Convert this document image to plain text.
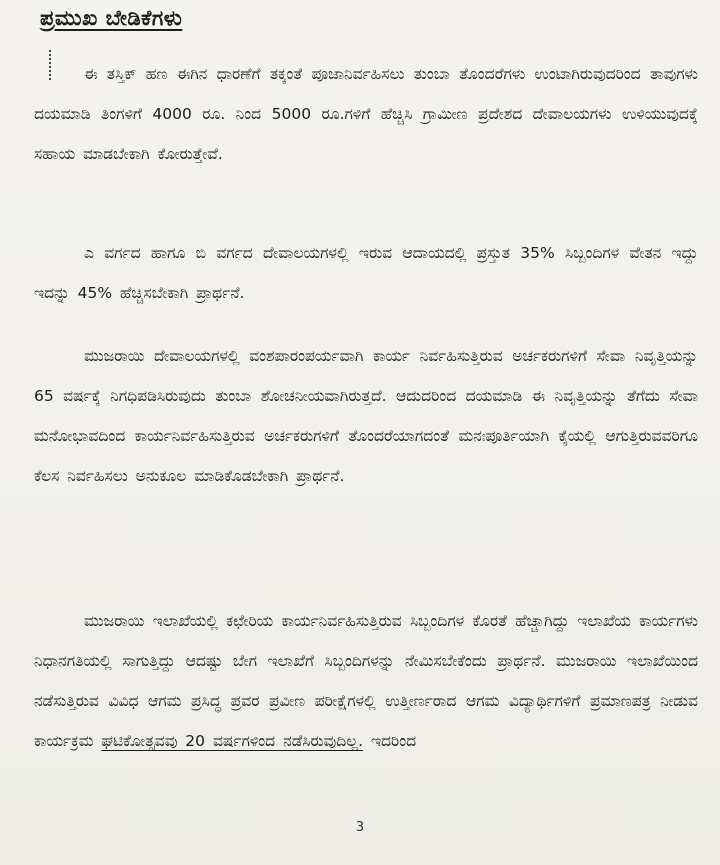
ಪ್ರಮುಖ ಬೇಡಿಕೆಗಳು
ಈ ತಸ್ತಿಕ್ ಹಣ ಈಗಿನ ಧಾರಣೆಗೆ ತಕ್ಕಂತೆ ಪೂಜಾನಿರ್ವಹಿಸಲು ತುಂಬಾ ತೊಂದರೆಗಳು ಉಂಟಾಗಿರುವುದರಿಂದ ತಾವುಗಳು ದಯಮಾಡಿ ತಿಂಗಳಿಗೆ 4000 ರೂ. ನಿಂದ 5000 ರೂ.ಗಳಿಗೆ ಹೆಚ್ಚಿಸಿ ಗ್ರಾಮೀಣ ಪ್ರದೇಶದ ದೇವಾಲಯಗಳು ಉಳಿಯುವುದಕ್ಕೆ ಸಹಾಯ ಮಾಡಬೇಕಾಗಿ ಕೋರುತ್ತೇವೆ.
ಎ ವರ್ಗದ ಹಾಗೂ ಬಿ ವರ್ಗದ ದೇವಾಲಯಗಳಲ್ಲಿ ಇರುವ ಆದಾಯದಲ್ಲಿ ಪ್ರಸ್ತುತ 35% ಸಿಬ್ಬಂದಿಗಳ ವೇತನ ಇದ್ದು ಇದನ್ನು 45% ಹೆಚ್ಚಿಸಬೇಕಾಗಿ ಪ್ರಾರ್ಥನೆ.
ಮುಜರಾಯಿ ದೇವಾಲಯಗಳಲ್ಲಿ ವಂಶಪಾರಂಪರ್ಯವಾಗಿ ಕಾರ್ಯ ನಿರ್ವಹಿಸುತ್ತಿರುವ ಅರ್ಚಕರುಗಳಿಗೆ ಸೇವಾ ನಿವೃತ್ತಿಯನ್ನು 65 ವರ್ಷಕ್ಕೆ ನಿಗಧಿಪಡಿಸಿರುವುದು ತುಂಬಾ ಶೋಚನೀಯವಾಗಿರುತ್ತದೆ. ಆದುದರಿಂದ ದಯಮಾಡಿ ಈ ನಿವೃತ್ತಿಯನ್ನು ತೆಗೆದು ಸೇವಾ ಮನೋಭಾವದಿಂದ ಕಾರ್ಯನಿರ್ವಹಿಸುತ್ತಿರುವ ಅರ್ಚಕರುಗಳಿಗೆ ತೊಂದರೆಯಾಗದಂತೆ ಮನಃಪೂರ್ತಿಯಾಗಿ ಕೈಯಲ್ಲಿ ಆಗುತ್ತಿರುವವರಿಗೂ ಕೆಲಸ ನಿರ್ವಹಿಸಲು ಅನುಕೂಲ ಮಾಡಿಕೊಡಬೇಕಾಗಿ ಪ್ರಾರ್ಥನೆ.
ಮುಜರಾಯಿ ಇಲಾಖೆಯಲ್ಲಿ ಕಛೇರಿಯ ಕಾರ್ಯನಿರ್ವಹಿಸುತ್ತಿರುವ ಸಿಬ್ಬಂದಿಗಳ ಕೊರತೆ ಹೆಚ್ಚಾಗಿದ್ದು ಇಲಾಖೆಯ ಕಾರ್ಯಗಳು ನಿಧಾನಗತಿಯಲ್ಲಿ ಸಾಗುತ್ತಿದ್ದು ಆದಷ್ಟು ಬೇಗ ಇಲಾಖೆಗೆ ಸಿಬ್ಬಂದಿಗಳನ್ನು ನೇಮಿಸಬೇಕೆಂದು ಪ್ರಾರ್ಥನೆ. ಮುಜರಾಯಿ ಇಲಾಖೆಯಿಂದ ನಡೆಸುತ್ತಿರುವ ವಿವಿಧ ಆಗಮ ಪ್ರಸಿದ್ಧ ಪ್ರವರ ಪ್ರವೀಣ ಪರೀಕ್ಷೆಗಳಲ್ಲಿ ಉತ್ತೀರ್ಣರಾದ ಆಗಮ ವಿದ್ಯಾರ್ಥಿಗಳಿಗೆ ಪ್ರಮಾಣಪತ್ರ ನೀಡುವ ಕಾರ್ಯಕ್ರಮ ಘಟಿಕೋತ್ಸವವು 20 ವರ್ಷಗಳಿಂದ ನಡೆಸಿರುವುದಿಲ್ಲ. ಇದರಿಂದ
3
